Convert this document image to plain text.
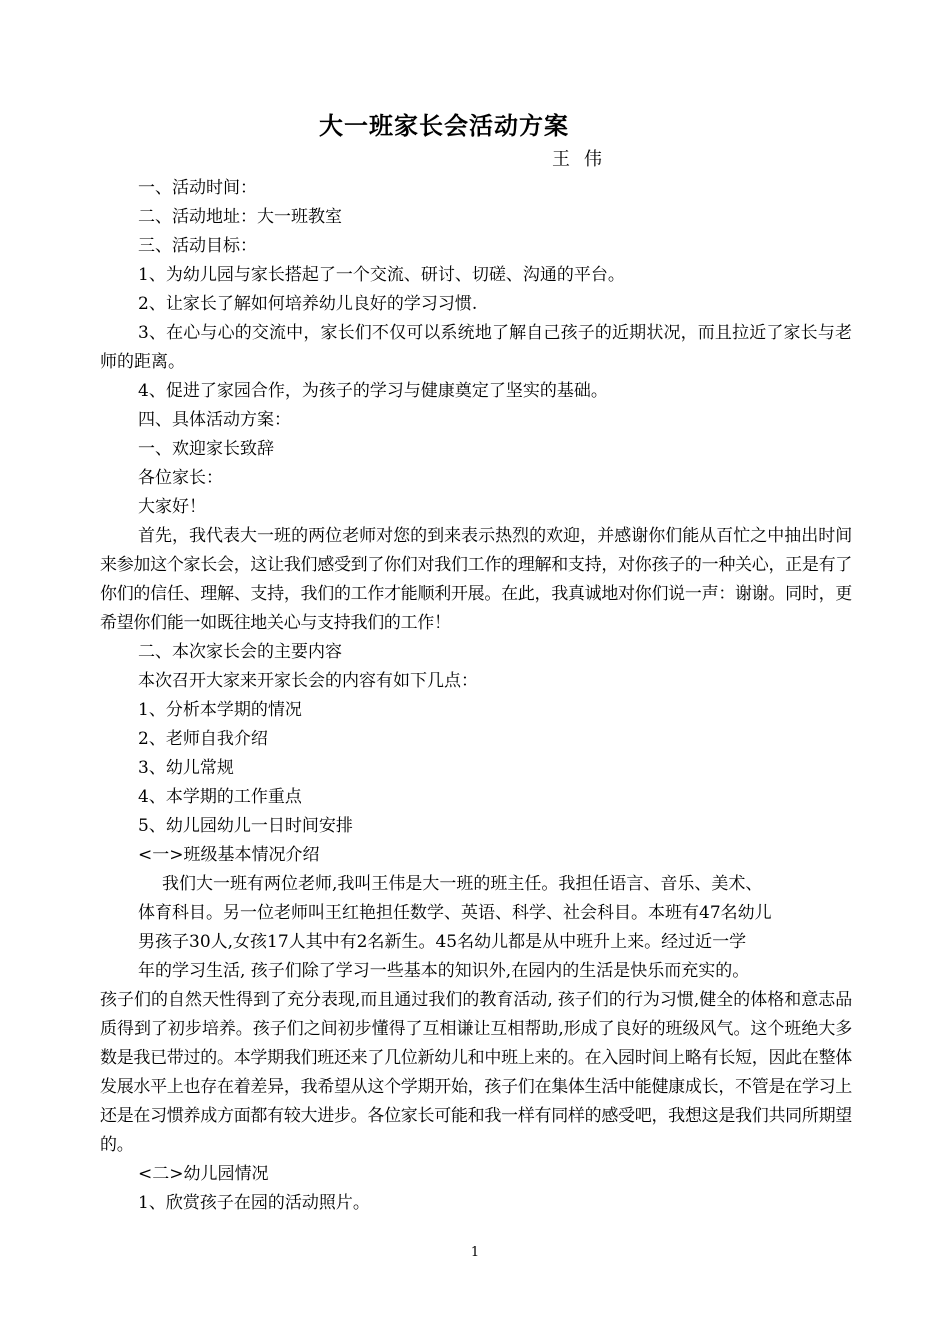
大一班家长会活动方案
王伟

一、活动时间：

二、活动地址：大一班教室

三、活动目标：

1、为幼儿园与家长搭起了一个交流、研讨、切磋、沟通的平台。

2、让家长了解如何培养幼儿良好的学习习惯.

3、在心与心的交流中，家长们不仅可以系统地了解自己孩子的近期状况，而且拉近了家长与老师的距离。

4、促进了家园合作，为孩子的学习与健康奠定了坚实的基础。

四、具体活动方案：

一、欢迎家长致辞

各位家长：

大家好！

首先，我代表大一班的两位老师对您的到来表示热烈的欢迎，并感谢你们能从百忙之中抽出时间来参加这个家长会，这让我们感受到了你们对我们工作的理解和支持，对你孩子的一种关心，正是有了你们的信任、理解、支持，我们的工作才能顺利开展。在此，我真诚地对你们说一声：谢谢。同时，更希望你们能一如既往地关心与支持我们的工作！

二、本次家长会的主要内容

本次召开大家来开家长会的内容有如下几点：

1、分析本学期的情况

2、老师自我介绍

3、幼儿常规

4、本学期的工作重点

5、幼儿园幼儿一日时间安排

<一>班级基本情况介绍

我们大一班有两位老师,我叫王伟是大一班的班主任。我担任语言、音乐、美术、

体育科目。另一位老师叫王红艳担任数学、英语、科学、社会科目。本班有47名幼儿

男孩子30人,女孩17人其中有2名新生。45名幼儿都是从中班升上来。经过近一学

年的学习生活, 孩子们除了学习一些基本的知识外,在园内的生活是快乐而充实的。

孩子们的自然天性得到了充分表现,而且通过我们的教育活动, 孩子们的行为习惯,健全的体格和意志品质得到了初步培养。孩子们之间初步懂得了互相谦让互相帮助,形成了良好的班级风气。这个班绝大多数是我已带过的。本学期我们班还来了几位新幼儿和中班上来的。在入园时间上略有长短，因此在整体发展水平上也存在着差异，我希望从这个学期开始，孩子们在集体生活中能健康成长，不管是在学习上还是在习惯养成方面都有较大进步。各位家长可能和我一样有同样的感受吧，我想这是我们共同所期望的。

<二>幼儿园情况

1、欣赏孩子在园的活动照片。

1
